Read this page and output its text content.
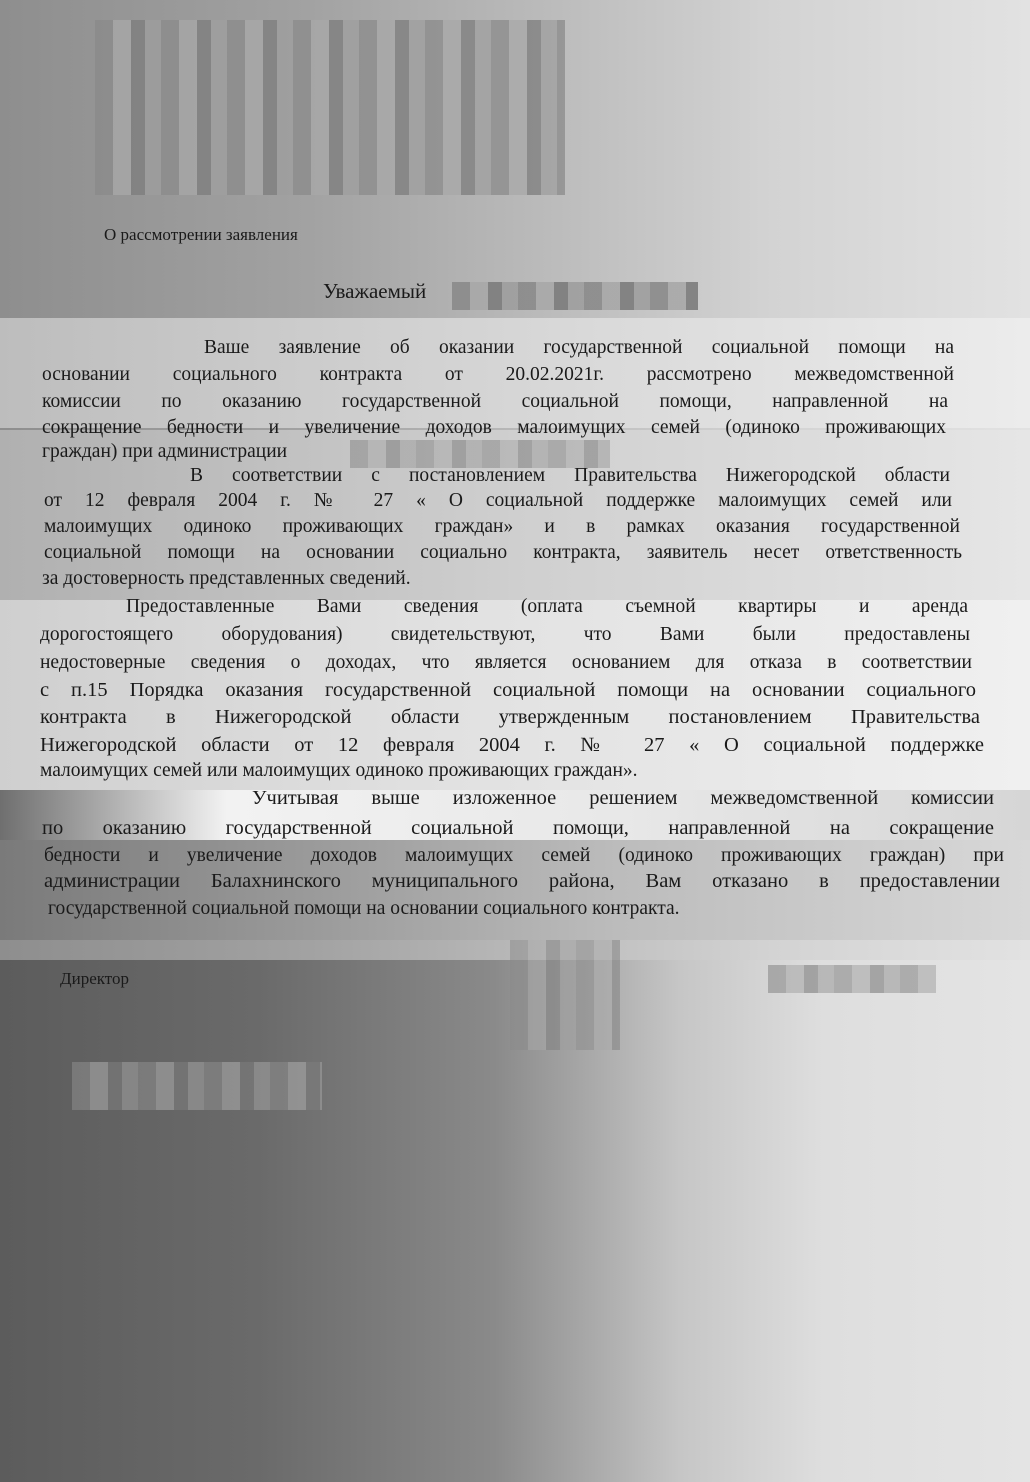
О рассмотрении заявления
Уважаемый
Ваше заявление об оказании государственной социальной помощи на
основании социального контракта от 20.02.2021г. рассмотрено межведомственной
комиссии по оказанию государственной социальной помощи, направленной на
сокращение бедности и увеличение доходов малоимущих семей (одиноко проживающих
граждан) при администрации
В соответствии с постановлением Правительства Нижегородской области
от 12 февраля 2004 г. № 27 « О социальной поддержке малоимущих семей или
малоимущих одиноко проживающих граждан» и в рамках оказания государственной
социальной помощи на основании социально контракта, заявитель несет ответственность
за достоверность представленных сведений.
Предоставленные Вами сведения (оплата съемной квартиры и аренда
дорогостоящего оборудования) свидетельствуют, что Вами были предоставлены
недостоверные сведения о доходах, что является основанием для отказа в соответствии
с п.15 Порядка оказания государственной социальной помощи на основании социального
контракта в Нижегородской области утвержденным постановлением Правительства
Нижегородской области от 12 февраля 2004 г. № 27 « О социальной поддержке
малоимущих семей или малоимущих одиноко проживающих граждан».
Учитывая выше изложенное решением межведомственной комиссии
по оказанию государственной социальной помощи, направленной на сокращение
бедности и увеличение доходов малоимущих семей (одиноко проживающих граждан) при
администрации Балахнинского муниципального района, Вам отказано в предоставлении
государственной социальной помощи на основании социального контракта.
Директор
